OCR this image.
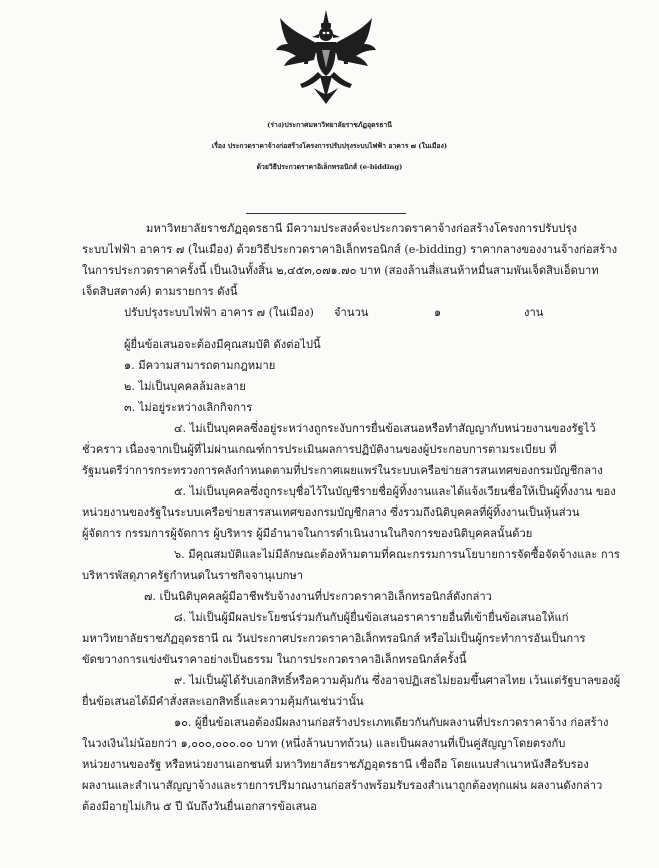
(ร่าง)ประกาศมหาวิทยาลัยราชภัฏอุดรธานี
เรื่อง ประกวดราคาจ้างก่อสร้างโครงการปรับปรุงระบบไฟฟ้า อาคาร ๗ (ในเมือง)
ด้วยวิธีประกวดราคาอิเล็กทรอนิกส์ (e-bidding)
มหาวิทยาลัยราชภัฏอุดรธานี มีความประสงค์จะประกวดราคาจ้างก่อสร้างโครงการปรับปรุง
ระบบไฟฟ้า อาคาร ๗ (ในเมือง) ด้วยวิธีประกวดราคาอิเล็กทรอนิกส์ (e-bidding) ราคากลางของงานจ้างก่อสร้าง
ในการประกวดราคาครั้งนี้ เป็นเงินทั้งสิ้น ๒,๔๕๓,๐๗๑.๗๐ บาท (สองล้านสี่แสนห้าหมื่นสามพันเจ็ดสิบเอ็ดบาท
เจ็ดสิบสตางค์) ตามรายการ ดังนี้
ปรับปรุงระบบไฟฟ้า อาคาร ๗ (ในเมือง) จำนวน	๑	งาน
ผู้ยื่นข้อเสนอจะต้องมีคุณสมบัติ ดังต่อไปนี้
๑. มีความสามารถตามกฎหมาย
๒. ไม่เป็นบุคคลล้มละลาย
๓. ไม่อยู่ระหว่างเลิกกิจการ
๔. ไม่เป็นบุคคลซึ่งอยู่ระหว่างถูกระงับการยื่นข้อเสนอหรือทำสัญญากับหน่วยงานของรัฐไว้
ชั่วคราว เนื่องจากเป็นผู้ที่ไม่ผ่านเกณฑ์การประเมินผลการปฏิบัติงานของผู้ประกอบการตามระเบียบ ที่
รัฐมนตรีว่าการกระทรวงการคลังกำหนดตามที่ประกาศเผยแพร่ในระบบเครือข่ายสารสนเทศของกรมบัญชีกลาง
๕. ไม่เป็นบุคคลซึ่งถูกระบุชื่อไว้ในบัญชีรายชื่อผู้ทิ้งงานและได้แจ้งเวียนชื่อให้เป็นผู้ทิ้งงาน ของ
หน่วยงานของรัฐในระบบเครือข่ายสารสนเทศของกรมบัญชีกลาง ซึ่งรวมถึงนิติบุคคลที่ผู้ทิ้งงานเป็นหุ้นส่วน
ผู้จัดการ กรรมการผู้จัดการ ผู้บริหาร ผู้มีอำนาจในการดำเนินงานในกิจการของนิติบุคคลนั้นด้วย
๖. มีคุณสมบัติและไม่มีลักษณะต้องห้ามตามที่คณะกรรมการนโยบายการจัดซื้อจัดจ้างและ การ
บริหารพัสดุภาครัฐกำหนดในราชกิจจานุเบกษา
๗. เป็นนิติบุคคลผู้มีอาชีพรับจ้างงานที่ประกวดราคาอิเล็กทรอนิกส์ดังกล่าว
๘. ไม่เป็นผู้มีผลประโยชน์ร่วมกันกับผู้ยื่นข้อเสนอราคารายอื่นที่เข้ายื่นข้อเสนอให้แก่
มหาวิทยาลัยราชภัฏอุดรธานี ณ วันประกาศประกวดราคาอิเล็กทรอนิกส์ หรือไม่เป็นผู้กระทำการอันเป็นการ
ขัดขวางการแข่งขันราคาอย่างเป็นธรรม ในการประกวดราคาอิเล็กทรอนิกส์ครั้งนี้
๙. ไม่เป็นผู้ได้รับเอกสิทธิ์หรือความคุ้มกัน ซึ่งอาจปฏิเสธไม่ยอมขึ้นศาลไทย เว้นแต่รัฐบาลของผู้
ยื่นข้อเสนอได้มีคำสั่งสละเอกสิทธิ์และความคุ้มกันเช่นว่านั้น
๑๐. ผู้ยื่นข้อเสนอต้องมีผลงานก่อสร้างประเภทเดียวกันกับผลงานที่ประกวดราคาจ้าง ก่อสร้าง
ในวงเงินไม่น้อยกว่า ๑,๐๐๐,๐๐๐.๐๐ บาท (หนึ่งล้านบาทถ้วน) และเป็นผลงานที่เป็นคู่สัญญาโดยตรงกับ
หน่วยงานของรัฐ หรือหน่วยงานเอกชนที่ มหาวิทยาลัยราชภัฏอุดรธานี เชื่อถือ โดยแนบสำเนาหนังสือรับรอง
ผลงานและสำเนาสัญญาจ้างและรายการปริมาณงานก่อสร้างพร้อมรับรองสำเนาถูกต้องทุกแผ่น ผลงานดังกล่าว
ต้องมีอายุไม่เกิน ๕ ปี นับถึงวันยื่นเอกสารข้อเสนอ
